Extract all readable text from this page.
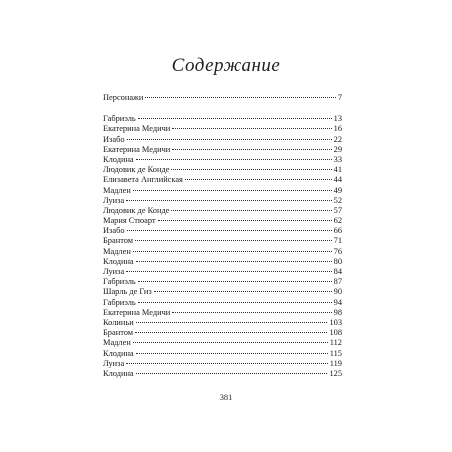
Содержание
Персонажи	7
Габриэль	13
Екатерина Медичи	16
Изабо	22
Екатерина Медичи	29
Клодина	33
Людовик де Конде	41
Елизавета Английская	44
Мадлен	49
Луиза	52
Людовик де Конде	57
Мария Стюарт	62
Изабо	66
Брантом	71
Мадлен	76
Клодина	80
Луиза	84
Габриэль	87
Шарль де Гиз	90
Габриэль	94
Екатерина Медичи	98
Колиньи	103
Брантом	108
Мадлен	112
Клодина	115
Луиза	119
Клодина	125
381
